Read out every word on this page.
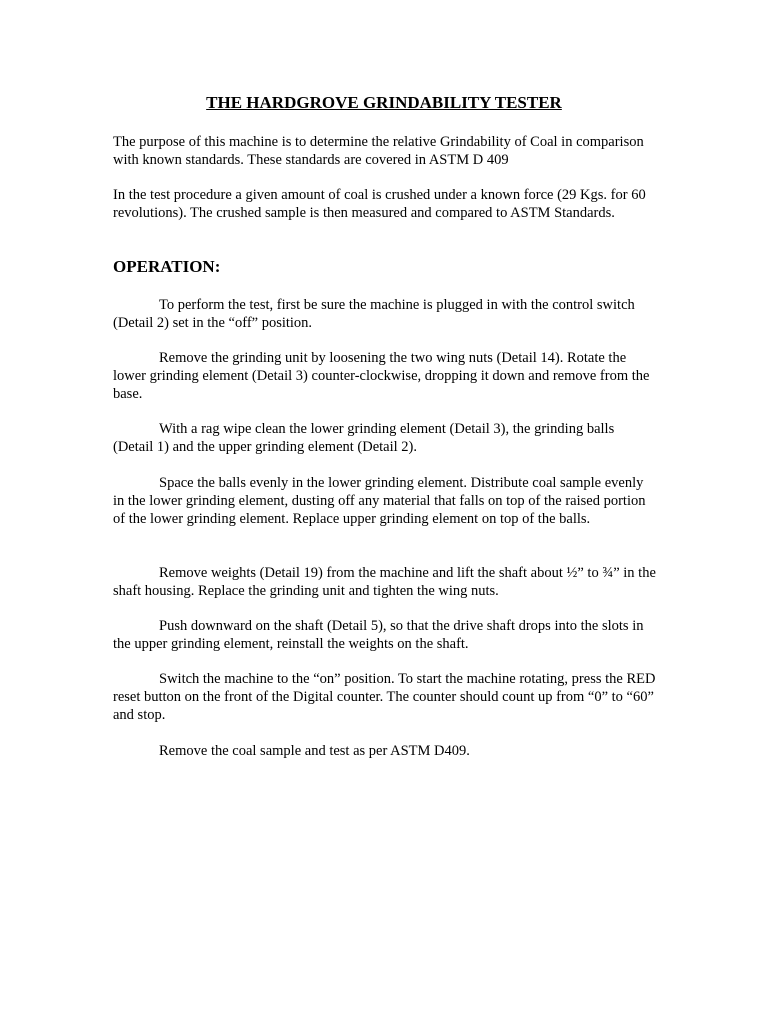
THE HARDGROVE GRINDABILITY TESTER

The purpose of this machine is to determine the relative Grindability of Coal in comparison with known standards. These standards are covered in ASTM D 409

In the test procedure a given amount of coal is crushed under a known force (29 Kgs. for 60 revolutions). The crushed sample is then measured and compared to ASTM Standards.

OPERATION:

To perform the test, first be sure the machine is plugged in with the control switch (Detail 2) set in the “off” position.

Remove the grinding unit by loosening the two wing nuts (Detail 14). Rotate the lower grinding element (Detail 3) counter-clockwise, dropping it down and remove from the base.

With a rag wipe clean the lower grinding element (Detail 3), the grinding balls (Detail 1) and the upper grinding element (Detail 2).

Space the balls evenly in the lower grinding element. Distribute coal sample evenly in the lower grinding element, dusting off any material that falls on top of the raised portion of the lower grinding element. Replace upper grinding element on top of the balls.

Remove weights (Detail 19) from the machine and lift the shaft about ½” to ¾” in the shaft housing. Replace the grinding unit and tighten the wing nuts.

Push downward on the shaft (Detail 5), so that the drive shaft drops into the slots in the upper grinding element, reinstall the weights on the shaft.

Switch the machine to the “on” position. To start the machine rotating, press the RED reset button on the front of the Digital counter. The counter should count up from “0” to “60” and stop.

Remove the coal sample and test as per ASTM D409.
